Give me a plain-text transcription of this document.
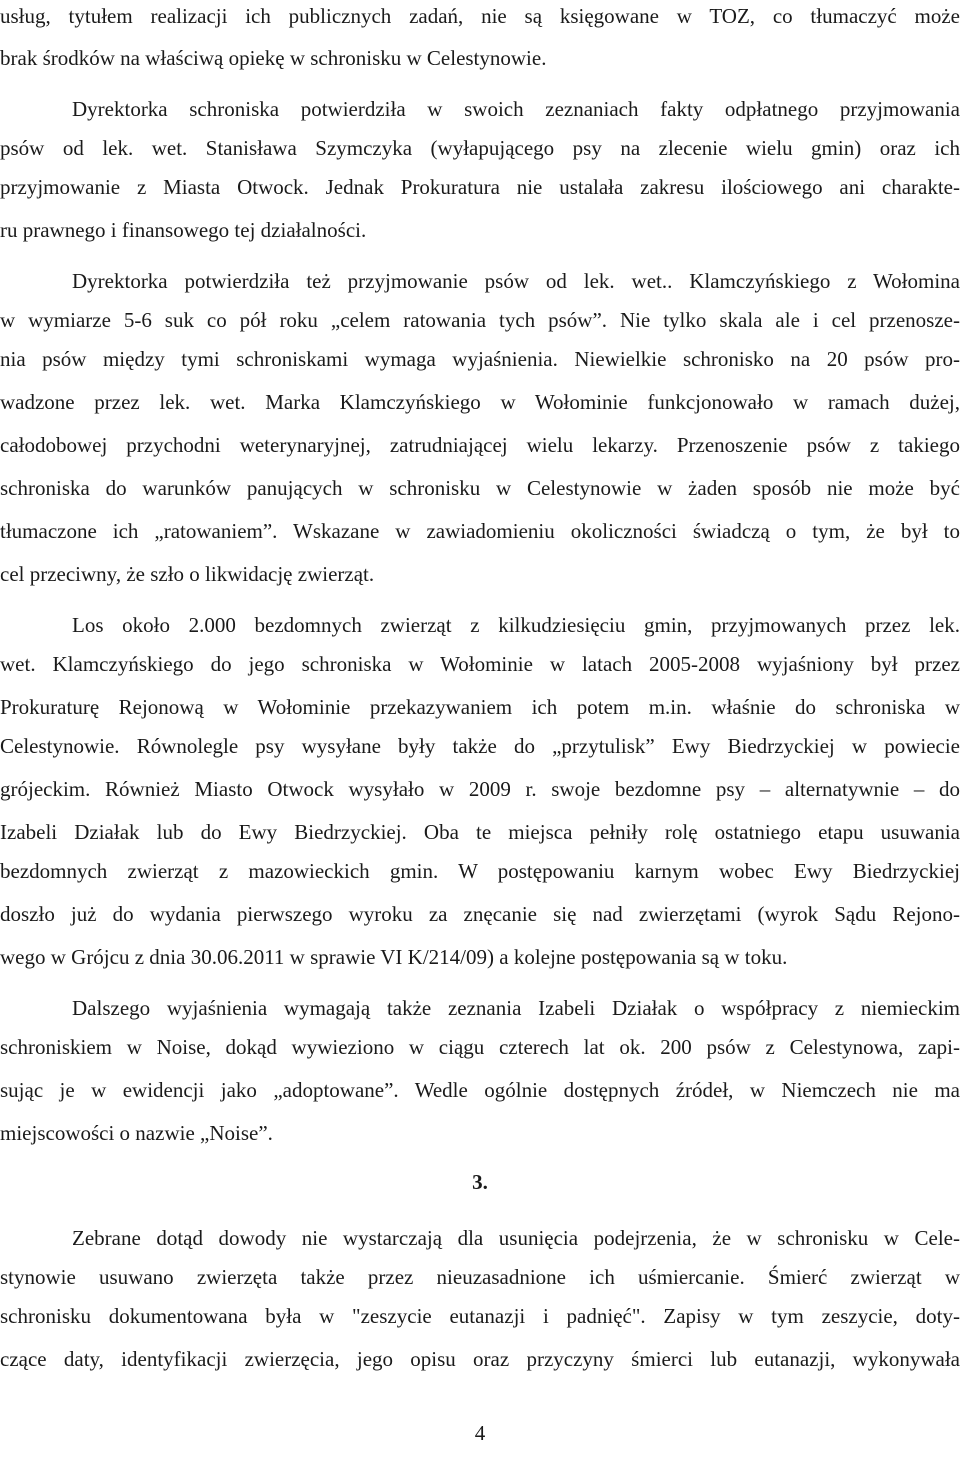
usług, tytułem realizacji ich publicznych zadań, nie są księgowane w TOZ, co tłumaczyć może

brak środków na właściwą opiekę w schronisku w Celestynowie.

Dyrektorka schroniska potwierdziła w swoich zeznaniach fakty odpłatnego przyjmowania

psów od lek. wet. Stanisława Szymczyka (wyłapującego psy na zlecenie wielu gmin) oraz ich

przyjmowanie z Miasta Otwock. Jednak Prokuratura nie ustalała zakresu ilościowego ani charakte-

ru prawnego i finansowego tej działalności.

Dyrektorka potwierdziła też przyjmowanie psów od lek. wet.. Klamczyńskiego z Wołomina

w wymiarze 5-6 suk co pół roku „celem ratowania tych psów”. Nie tylko skala ale i cel przenosze-

nia psów między tymi schroniskami wymaga wyjaśnienia. Niewielkie schronisko na 20 psów pro-

wadzone przez lek. wet. Marka Klamczyńskiego w Wołominie funkcjonowało w ramach dużej,

całodobowej przychodni weterynaryjnej, zatrudniającej wielu lekarzy. Przenoszenie psów z takiego

schroniska do warunków panujących w schronisku w Celestynowie w żaden sposób nie może być

tłumaczone ich „ratowaniem”. Wskazane w zawiadomieniu okoliczności świadczą o tym, że był to

cel przeciwny, że szło o likwidację zwierząt.

Los około 2.000 bezdomnych zwierząt z kilkudziesięciu gmin, przyjmowanych przez lek.

wet. Klamczyńskiego do jego schroniska w Wołominie w latach 2005-2008 wyjaśniony był przez

Prokuraturę Rejonową w Wołominie przekazywaniem ich potem m.in. właśnie do schroniska w

Celestynowie. Równolegle psy wysyłane były także do „przytulisk” Ewy Biedrzyckiej w powiecie

grójeckim. Również Miasto Otwock wysyłało w 2009 r. swoje bezdomne psy – alternatywnie – do

Izabeli Działak lub do Ewy Biedrzyckiej. Oba te miejsca pełniły rolę ostatniego etapu usuwania

bezdomnych zwierząt z mazowieckich gmin. W postępowaniu karnym wobec Ewy Biedrzyckiej

doszło już do wydania pierwszego wyroku za znęcanie się nad zwierzętami (wyrok Sądu Rejono-

wego w Grójcu z dnia 30.06.2011 w sprawie VI K/214/09) a kolejne postępowania są w toku.

Dalszego wyjaśnienia wymagają także zeznania Izabeli Działak o współpracy z niemieckim

schroniskiem w Noise, dokąd wywieziono w ciągu czterech lat ok. 200 psów z Celestynowa, zapi-

sując je w ewidencji jako „adoptowane”. Wedle ogólnie dostępnych źródeł, w Niemczech nie ma

miejscowości o nazwie „Noise”.

3.

Zebrane dotąd dowody nie wystarczają dla usunięcia podejrzenia, że w schronisku w Cele-

stynowie usuwano zwierzęta także przez nieuzasadnione ich uśmiercanie. Śmierć zwierząt w

schronisku dokumentowana była w "zeszycie eutanazji i padnięć". Zapisy w tym zeszycie, doty-

czące daty, identyfikacji zwierzęcia, jego opisu oraz przyczyny śmierci lub eutanazji, wykonywała

4
